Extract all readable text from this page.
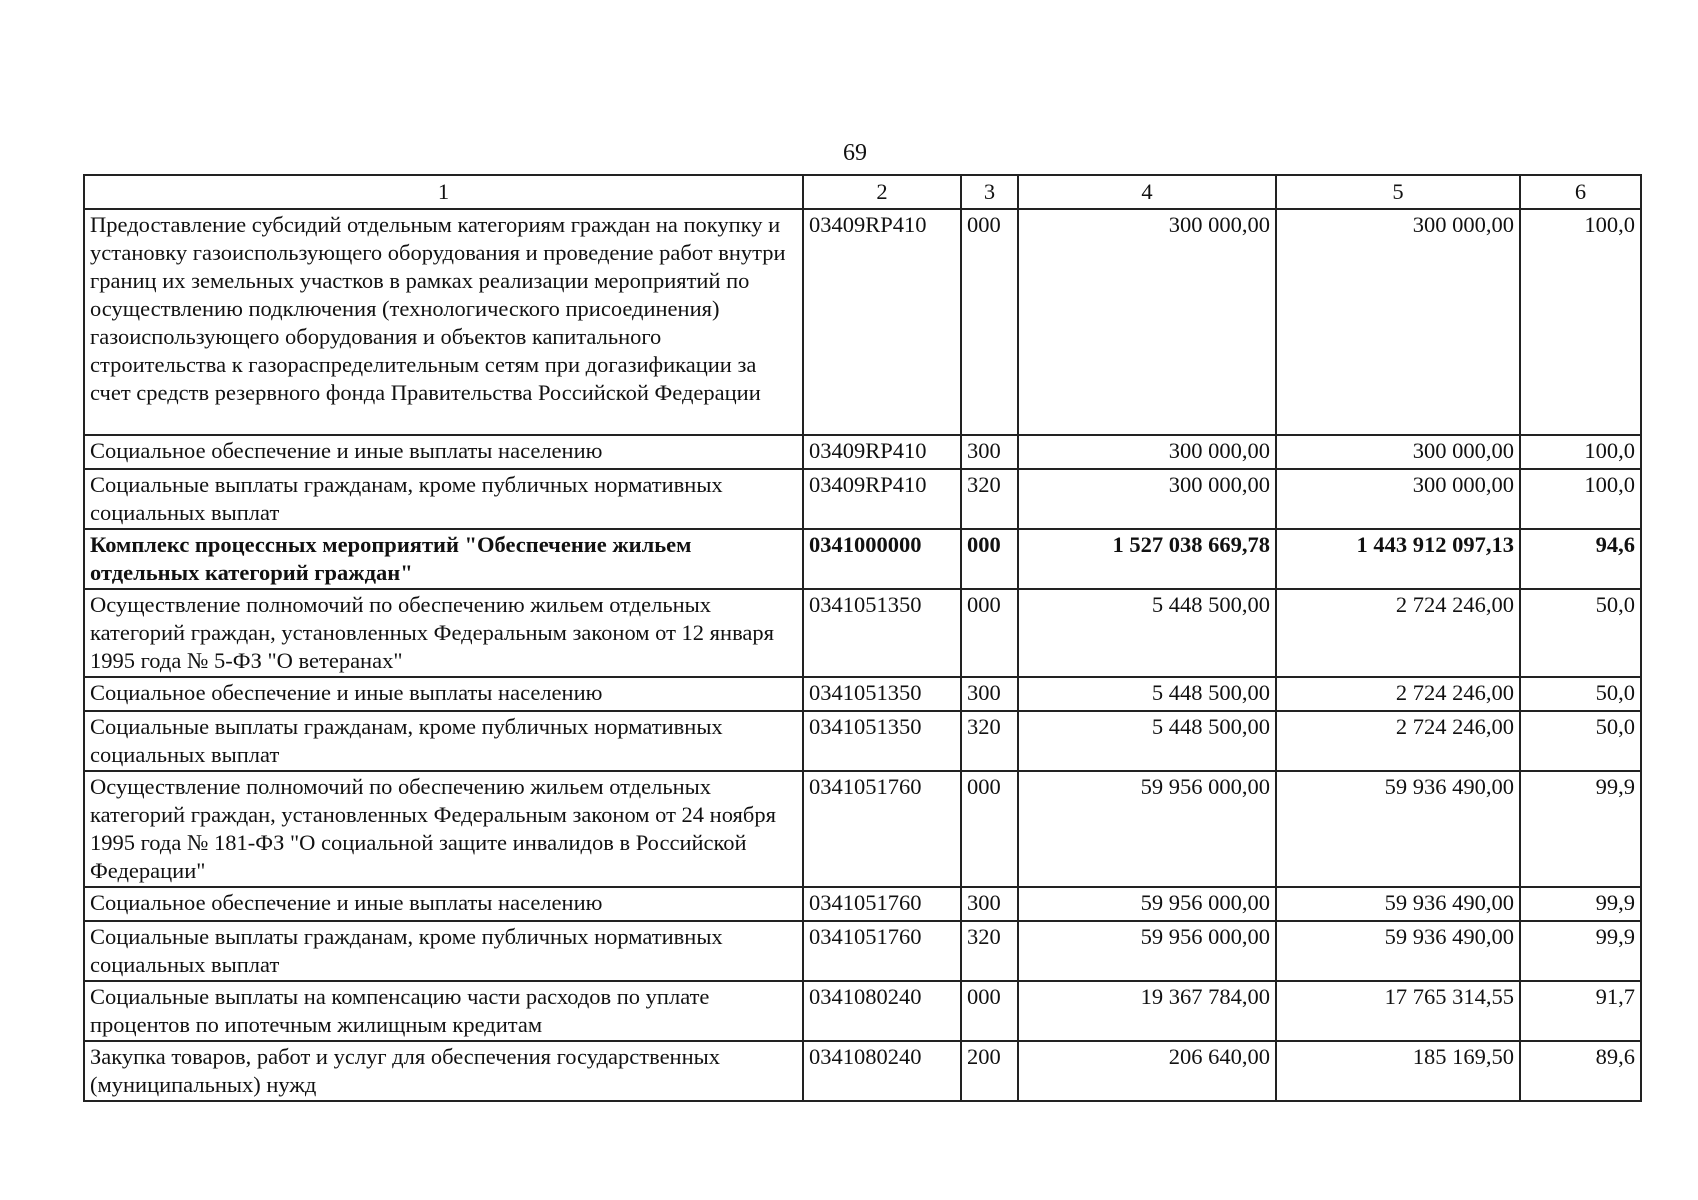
69
1	2	3	4	5	6
Предоставление субсидий отдельным категориям граждан на покупку и установку газоиспользующего оборудования и проведение работ внутри границ их земельных участков в рамках реализации мероприятий по осуществлению подключения (технологического присоединения) газоиспользующего оборудования и объектов капитального строительства к газораспределительным сетям при догазификации за счет средств резервного фонда Правительства Российской Федерации	03409RP410	000	300 000,00	300 000,00	100,0
Социальное обеспечение и иные выплаты населению	03409RP410	300	300 000,00	300 000,00	100,0
Социальные выплаты гражданам, кроме публичных нормативных социальных выплат	03409RP410	320	300 000,00	300 000,00	100,0
Комплекс процессных мероприятий "Обеспечение жильем отдельных категорий граждан"	0341000000	000	1 527 038 669,78	1 443 912 097,13	94,6
Осуществление полномочий по обеспечению жильем отдельных категорий граждан, установленных Федеральным законом от 12 января 1995 года № 5-ФЗ "О ветеранах"	0341051350	000	5 448 500,00	2 724 246,00	50,0
Социальное обеспечение и иные выплаты населению	0341051350	300	5 448 500,00	2 724 246,00	50,0
Социальные выплаты гражданам, кроме публичных нормативных социальных выплат	0341051350	320	5 448 500,00	2 724 246,00	50,0
Осуществление полномочий по обеспечению жильем отдельных категорий граждан, установленных Федеральным законом от 24 ноября 1995 года № 181-ФЗ "О социальной защите инвалидов в Российской Федерации"	0341051760	000	59 956 000,00	59 936 490,00	99,9
Социальное обеспечение и иные выплаты населению	0341051760	300	59 956 000,00	59 936 490,00	99,9
Социальные выплаты гражданам, кроме публичных нормативных социальных выплат	0341051760	320	59 956 000,00	59 936 490,00	99,9
Социальные выплаты на компенсацию части расходов по уплате процентов по ипотечным жилищным кредитам	0341080240	000	19 367 784,00	17 765 314,55	91,7
Закупка товаров, работ и услуг для обеспечения государственных (муниципальных) нужд	0341080240	200	206 640,00	185 169,50	89,6
